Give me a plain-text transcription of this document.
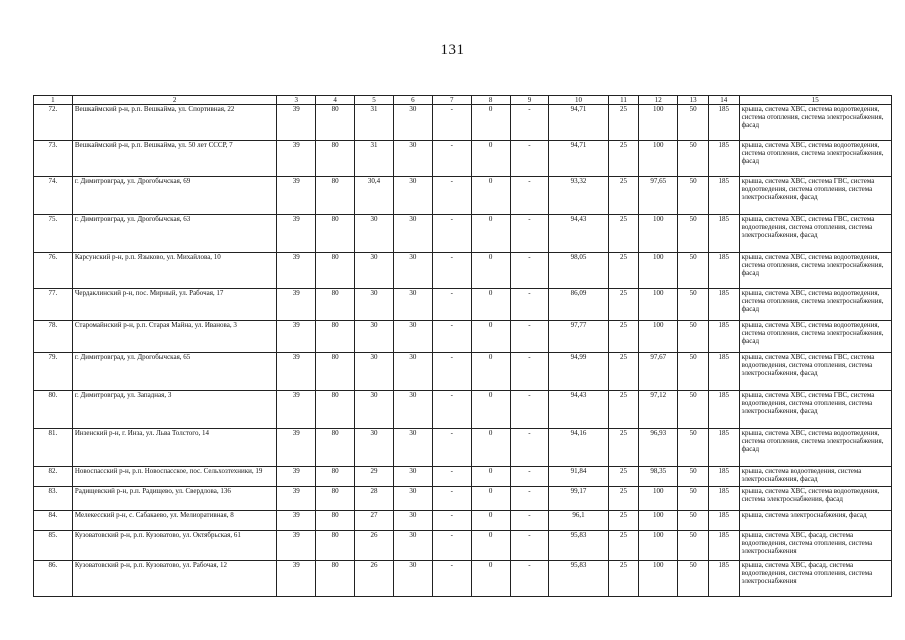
131
1	2	3	4	5	6	7	8	9	10	11	12	13	14	15
72.	Вешкаймский р-н, р.п. Вешкайма, ул. Спортивная, 22	39	80	31	30	-	0	-	94,71	25	100	50	185	крыша, система ХВС, система водоотведения, система отопления, система электроснабжения, фасад
73.	Вешкаймский р-н, р.п. Вешкайма, ул. 50 лет СССР, 7	39	80	31	30	-	0	-	94,71	25	100	50	185	крыша, система ХВС, система водоотведения, система отопления, система электроснабжения, фасад
74.	г. Димитровград, ул. Дрогобычская, 69	39	80	30,4	30	-	0	-	93,32	25	97,65	50	185	крыша, система ХВС, система ГВС, система водоотведения, система отопления, система электроснабжения, фасад
75.	г. Димитровград, ул. Дрогобычская, 63	39	80	30	30	-	0	-	94,43	25	100	50	185	крыша, система ХВС, система ГВС, система водоотведения, система отопления, система электроснабжения, фасад
76.	Карсунский р-н, р.п. Языково, ул. Михайлова, 10	39	80	30	30	-	0	-	98,05	25	100	50	185	крыша, система ХВС, система водоотведения, система отопления, система электроснабжения, фасад
77.	Чердаклинский р-н, пос. Мирный, ул. Рабочая, 17	39	80	30	30	-	0	-	86,09	25	100	50	185	крыша, система ХВС, система водоотведения, система отопления, система электроснабжения, фасад
78.	Старомайнский р-н, р.п. Старая Майна, ул. Иванова, 3	39	80	30	30	-	0	-	97,77	25	100	50	185	крыша, система ХВС, система водоотведения, система отопления, система электроснабжения, фасад
79.	г. Димитровград, ул. Дрогобычская, 65	39	80	30	30	-	0	-	94,99	25	97,67	50	185	крыша, система ХВС, система ГВС, система водоотведения, система отопления, система электроснабжения, фасад
80.	г. Димитровград, ул. Западная, 3	39	80	30	30	-	0	-	94,43	25	97,12	50	185	крыша, система ХВС, система ГВС, система водоотведения, система отопления, система электроснабжения, фасад
81.	Инзенский р-н, г. Инза, ул. Льва Толстого, 14	39	80	30	30	-	0	-	94,16	25	96,93	50	185	крыша, система ХВС, система водоотведения, система отопления, система электроснабжения, фасад
82.	Новоспасский р-н, р.п. Новоспасское, пос. Сельхозтехники, 19	39	80	29	30	-	0	-	91,84	25	98,35	50	185	крыша, система водоотведения, система электроснабжения, фасад
83.	Радищевский р-н, р.п. Радищево, ул. Свердлова, 136	39	80	28	30	-	0	-	99,17	25	100	50	185	крыша, система ХВС, система водоотведения, система электроснабжения, фасад
84.	Мелекесский р-н, с. Сабакаево, ул. Мелиоративная, 8	39	80	27	30	-	0	-	96,1	25	100	50	185	крыша, система электроснабжения, фасад
85.	Кузоватовский р-н, р.п. Кузоватово, ул. Октябрьская, 61	39	80	26	30	-	0	-	95,83	25	100	50	185	крыша, система ХВС, фасад, система водоотведения, система отопления, система электроснабжения
86.	Кузоватовский р-н, р.п. Кузоватово, ул. Рабочая, 12	39	80	26	30	-	0	-	95,83	25	100	50	185	крыша, система ХВС, фасад, система водоотведения, система отопления, система электроснабжения
